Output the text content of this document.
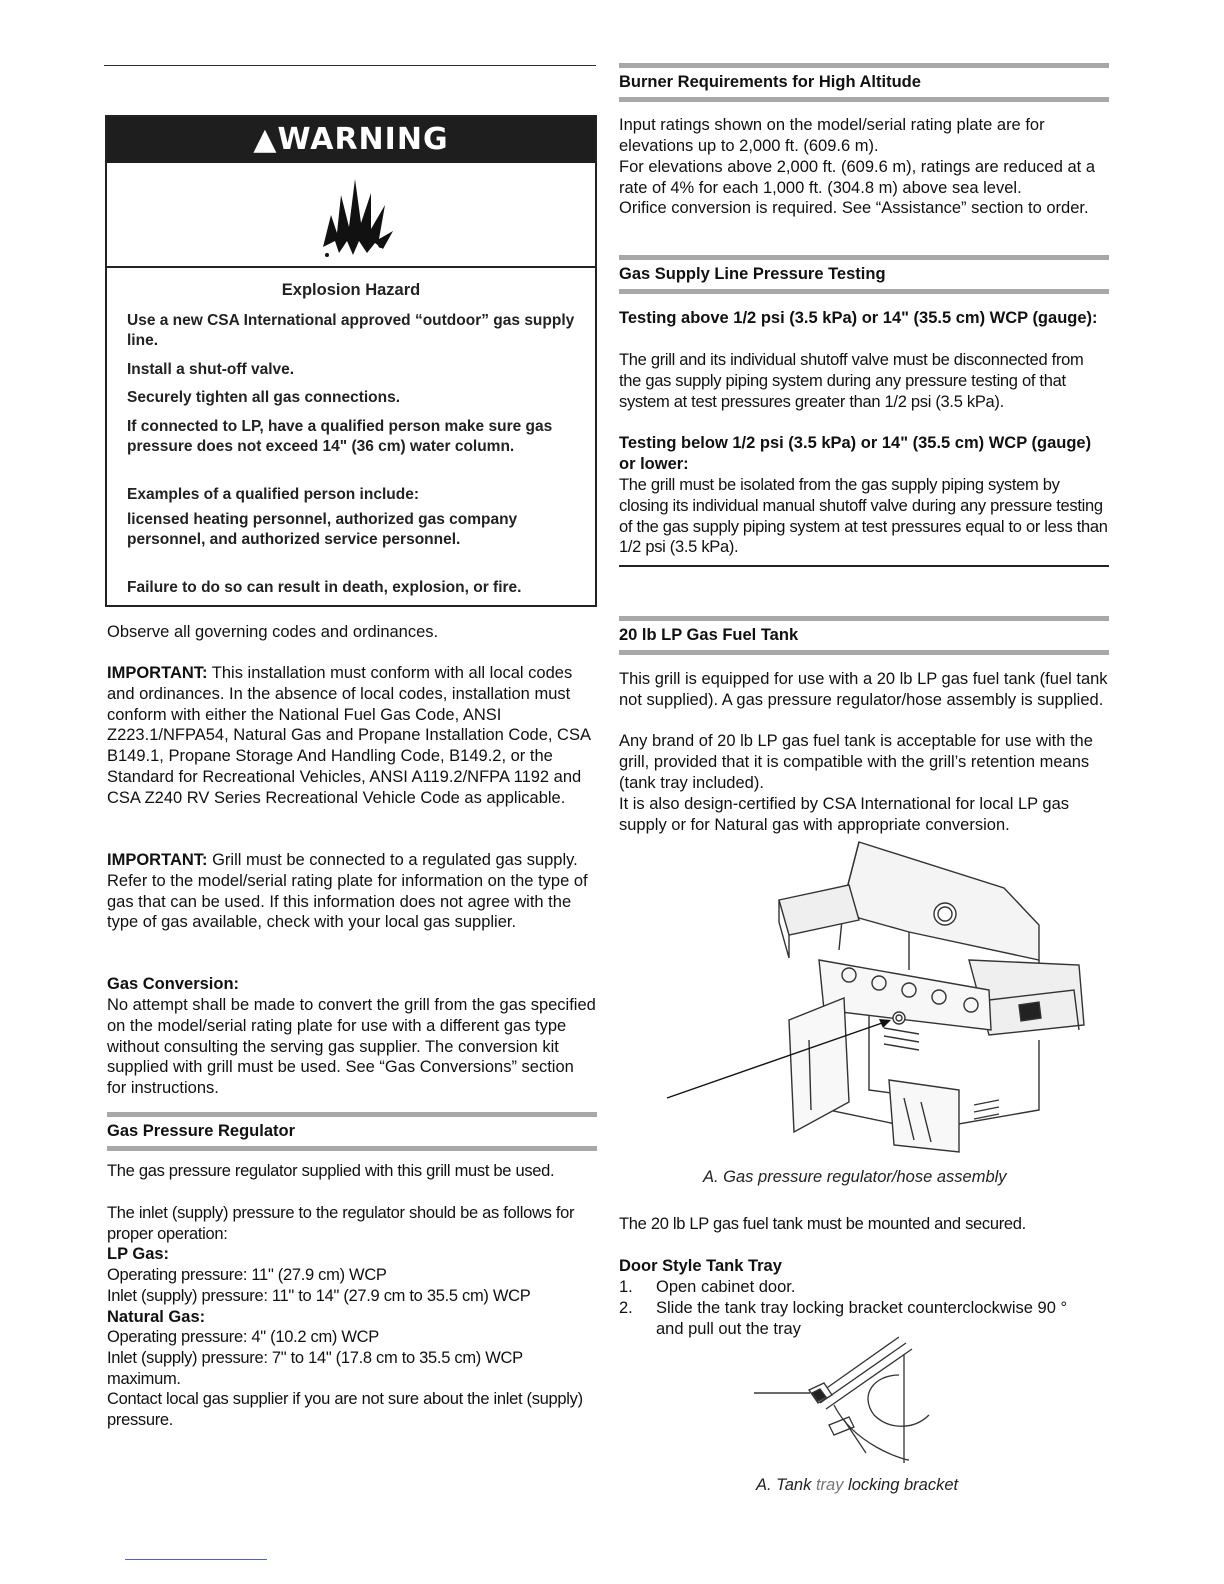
▲WARNING
Explosion Hazard
Use a new CSA International approved “outdoor” gas supply line.
Install a shut-off valve.
Securely tighten all gas connections.
If connected to LP, have a qualified person make sure gas pressure does not exceed 14" (36 cm) water column.
Examples of a qualified person include:
licensed heating personnel, authorized gas company personnel, and authorized service personnel.
Failure to do so can result in death, explosion, or fire.

Observe all governing codes and ordinances.

IMPORTANT: This installation must conform with all local codes and ordinances. In the absence of local codes, installation must conform with either the National Fuel Gas Code, ANSI Z223.1/NFPA54, Natural Gas and Propane Installation Code, CSA B149.1, Propane Storage And Handling Code, B149.2, or the Standard for Recreational Vehicles, ANSI A119.2/NFPA 1192 and CSA Z240 RV Series Recreational Vehicle Code as applicable.

IMPORTANT: Grill must be connected to a regulated gas supply. Refer to the model/serial rating plate for information on the type of gas that can be used. If this information does not agree with the type of gas available, check with your local gas supplier.

Gas Conversion:

No attempt shall be made to convert the grill from the gas specified on the model/serial rating plate for use with a different gas type without consulting the serving gas supplier. The conversion kit supplied with grill must be used. See “Gas Conversions” section for instructions.

Gas Pressure Regulator

The gas pressure regulator supplied with this grill must be used.

The inlet (supply) pressure to the regulator should be as follows for proper operation:

LP Gas:

Operating pressure: 11" (27.9 cm) WCP

Inlet (supply) pressure: 11" to 14" (27.9 cm to 35.5 cm) WCP

Natural Gas:

Operating pressure: 4" (10.2 cm) WCP

Inlet (supply) pressure: 7" to 14" (17.8 cm to 35.5 cm) WCP maximum.

Contact local gas supplier if you are not sure about the inlet (supply) pressure.

Burner Requirements for High Altitude

Input ratings shown on the model/serial rating plate are for elevations up to 2,000 ft. (609.6 m).

For elevations above 2,000 ft. (609.6 m), ratings are reduced at a rate of 4% for each 1,000 ft. (304.8 m) above sea level.

Orifice conversion is required. See “Assistance” section to order.

Gas Supply Line Pressure Testing

Testing above 1/2 psi (3.5 kPa) or 14" (35.5 cm) WCP (gauge):

The grill and its individual shutoff valve must be disconnected from the gas supply piping system during any pressure testing of that system at test pressures greater than 1/2 psi (3.5 kPa).

Testing below 1/2 psi (3.5 kPa) or 14" (35.5 cm) WCP (gauge) or lower:

The grill must be isolated from the gas supply piping system by closing its individual manual shutoff valve during any pressure testing of the gas supply piping system at test pressures equal to or less than 1/2 psi (3.5 kPa).

20 lb LP Gas Fuel Tank

This grill is equipped for use with a 20 lb LP gas fuel tank (fuel tank not supplied). A gas pressure regulator/hose assembly is supplied.

Any brand of 20 lb LP gas fuel tank is acceptable for use with the grill, provided that it is compatible with the grill’s retention means (tank tray included).

It is also design-certified by CSA International for local LP gas supply or for Natural gas with appropriate conversion.

A. Gas pressure regulator/hose assembly

The 20 lb LP gas fuel tank must be mounted and secured.

Door Style Tank Tray

1.	Open cabinet door.
2.	Slide the tank tray locking bracket counterclockwise 90 ° and pull out the tray
A. Tank tray locking bracket
